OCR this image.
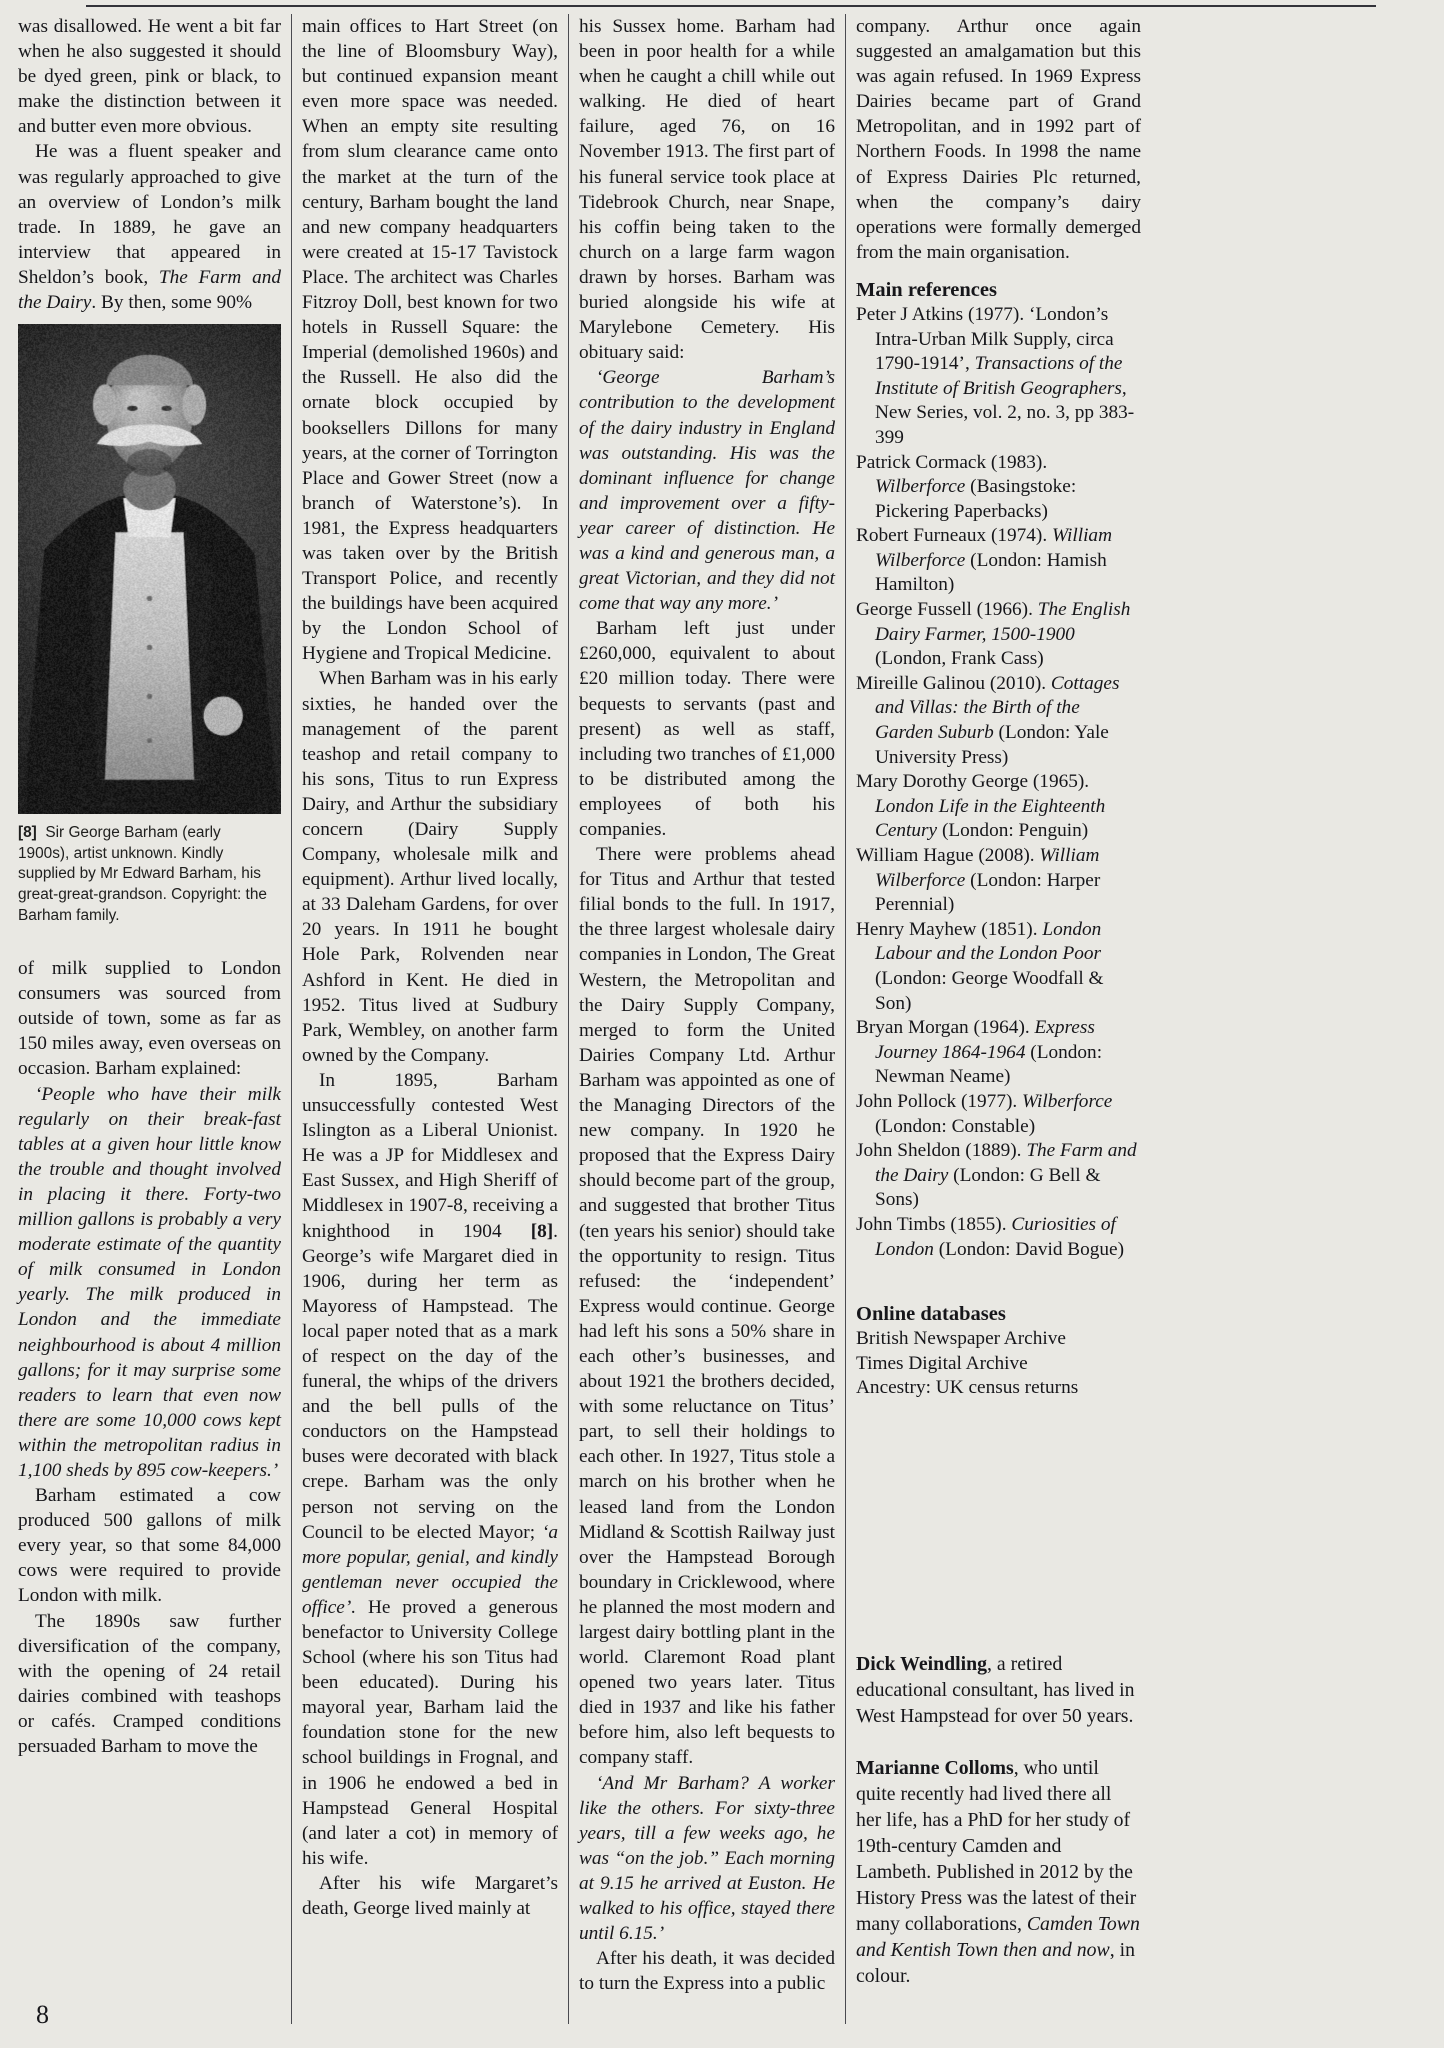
was disallowed. He went a bit far when he also suggested it should be dyed green, pink or black, to make the distinction between it and butter even more obvious.

He was a fluent speaker and was regularly approached to give an overview of London’s milk trade. In 1889, he gave an interview that appeared in Sheldon’s book, The Farm and the Dairy. By then, some 90%

[8] Sir George Barham (early 1900s), artist unknown. Kindly supplied by Mr Edward Barham, his great-great-grandson. Copyright: the Barham family.

of milk supplied to London consumers was sourced from outside of town, some as far as 150 miles away, even overseas on occasion. Barham explained:

‘People who have their milk regularly on their break-fast tables at a given hour little know the trouble and thought involved in placing it there. Forty-two million gallons is probably a very moderate estimate of the quantity of milk consumed in London yearly. The milk produced in London and the immediate neighbourhood is about 4 million gallons; for it may surprise some readers to learn that even now there are some 10,000 cows kept within the metropolitan radius in 1,100 sheds by 895 cow-keepers.’

Barham estimated a cow produced 500 gallons of milk every year, so that some 84,000 cows were required to provide London with milk.

The 1890s saw further diversification of the company, with the opening of 24 retail dairies combined with teashops or cafés. Cramped conditions persuaded Barham to move the

8

main offices to Hart Street (on the line of Bloomsbury Way), but continued expansion meant even more space was needed. When an empty site resulting from slum clearance came onto the market at the turn of the century, Barham bought the land and new company headquarters were created at 15-17 Tavistock Place. The architect was Charles Fitzroy Doll, best known for two hotels in Russell Square: the Imperial (demolished 1960s) and the Russell. He also did the ornate block occupied by booksellers Dillons for many years, at the corner of Torrington Place and Gower Street (now a branch of Waterstone’s). In 1981, the Express headquarters was taken over by the British Transport Police, and recently the buildings have been acquired by the London School of Hygiene and Tropical Medicine.

When Barham was in his early sixties, he handed over the management of the parent teashop and retail company to his sons, Titus to run Express Dairy, and Arthur the subsidiary concern (Dairy Supply Company, wholesale milk and equipment). Arthur lived locally, at 33 Daleham Gardens, for over 20 years. In 1911 he bought Hole Park, Rolvenden near Ashford in Kent. He died in 1952. Titus lived at Sudbury Park, Wembley, on another farm owned by the Company.

In 1895, Barham unsuccessfully contested West Islington as a Liberal Unionist. He was a JP for Middlesex and East Sussex, and High Sheriff of Middlesex in 1907-8, receiving a knighthood in 1904 [8]. George’s wife Margaret died in 1906, during her term as Mayoress of Hampstead. The local paper noted that as a mark of respect on the day of the funeral, the whips of the drivers and the bell pulls of the conductors on the Hampstead buses were decorated with black crepe. Barham was the only person not serving on the Council to be elected Mayor; ‘a more popular, genial, and kindly gentleman never occupied the office’. He proved a generous benefactor to University College School (where his son Titus had been educated). During his mayoral year, Barham laid the foundation stone for the new school buildings in Frognal, and in 1906 he endowed a bed in Hampstead General Hospital (and later a cot) in memory of his wife.

After his wife Margaret’s death, George lived mainly at

his Sussex home. Barham had been in poor health for a while when he caught a chill while out walking. He died of heart failure, aged 76, on 16 November 1913. The first part of his funeral service took place at Tidebrook Church, near Snape, his coffin being taken to the church on a large farm wagon drawn by horses. Barham was buried alongside his wife at Marylebone Cemetery. His obituary said:

‘George Barham’s contribution to the development of the dairy industry in England was outstanding. His was the dominant influence for change and improvement over a fifty-year career of distinction. He was a kind and generous man, a great Victorian, and they did not come that way any more.’

Barham left just under £260,000, equivalent to about £20 million today. There were bequests to servants (past and present) as well as staff, including two tranches of £1,000 to be distributed among the employees of both his companies.

There were problems ahead for Titus and Arthur that tested filial bonds to the full. In 1917, the three largest wholesale dairy companies in London, The Great Western, the Metropolitan and the Dairy Supply Company, merged to form the United Dairies Company Ltd. Arthur Barham was appointed as one of the Managing Directors of the new company. In 1920 he proposed that the Express Dairy should become part of the group, and suggested that brother Titus (ten years his senior) should take the opportunity to resign. Titus refused: the ‘independent’ Express would continue. George had left his sons a 50% share in each other’s businesses, and about 1921 the brothers decided, with some reluctance on Titus’ part, to sell their holdings to each other. In 1927, Titus stole a march on his brother when he leased land from the London Midland & Scottish Railway just over the Hampstead Borough boundary in Cricklewood, where he planned the most modern and largest dairy bottling plant in the world. Claremont Road plant opened two years later. Titus died in 1937 and like his father before him, also left bequests to company staff.

‘And Mr Barham? A worker like the others. For sixty-three years, till a few weeks ago, he was “on the job.” Each morning at 9.15 he arrived at Euston. He walked to his office, stayed there until 6.15.’

After his death, it was decided to turn the Express into a public

company. Arthur once again suggested an amalgamation but this was again refused. In 1969 Express Dairies became part of Grand Metropolitan, and in 1992 part of Northern Foods. In 1998 the name of Express Dairies Plc returned, when the company’s dairy operations were formally demerged from the main organisation.

Main references

Peter J Atkins (1977). ‘London’s Intra-Urban Milk Supply, circa 1790-1914’, Transactions of the Institute of British Geographers, New Series, vol. 2, no. 3, pp 383-399

Patrick Cormack (1983). Wilberforce (Basingstoke: Pickering Paperbacks)

Robert Furneaux (1974). William Wilberforce (London: Hamish Hamilton)

George Fussell (1966). The English Dairy Farmer, 1500-1900 (London, Frank Cass)

Mireille Galinou (2010). Cottages and Villas: the Birth of the Garden Suburb (London: Yale University Press)

Mary Dorothy George (1965). London Life in the Eighteenth Century (London: Penguin)

William Hague (2008). William Wilberforce (London: Harper Perennial)

Henry Mayhew (1851). London Labour and the London Poor (London: George Woodfall & Son)

Bryan Morgan (1964). Express Journey 1864-1964 (London: Newman Neame)

John Pollock (1977). Wilberforce (London: Constable)

John Sheldon (1889). The Farm and the Dairy (London: G Bell & Sons)

John Timbs (1855). Curiosities of London (London: David Bogue)

Online databases

British Newspaper Archive

Times Digital Archive

Ancestry: UK census returns

Dick Weindling, a retired educational consultant, has lived in West Hampstead for over 50 years.

Marianne Colloms, who until quite recently had lived there all her life, has a PhD for her study of 19th-century Camden and Lambeth. Published in 2012 by the History Press was the latest of their many collaborations, Camden Town and Kentish Town then and now, in colour.
